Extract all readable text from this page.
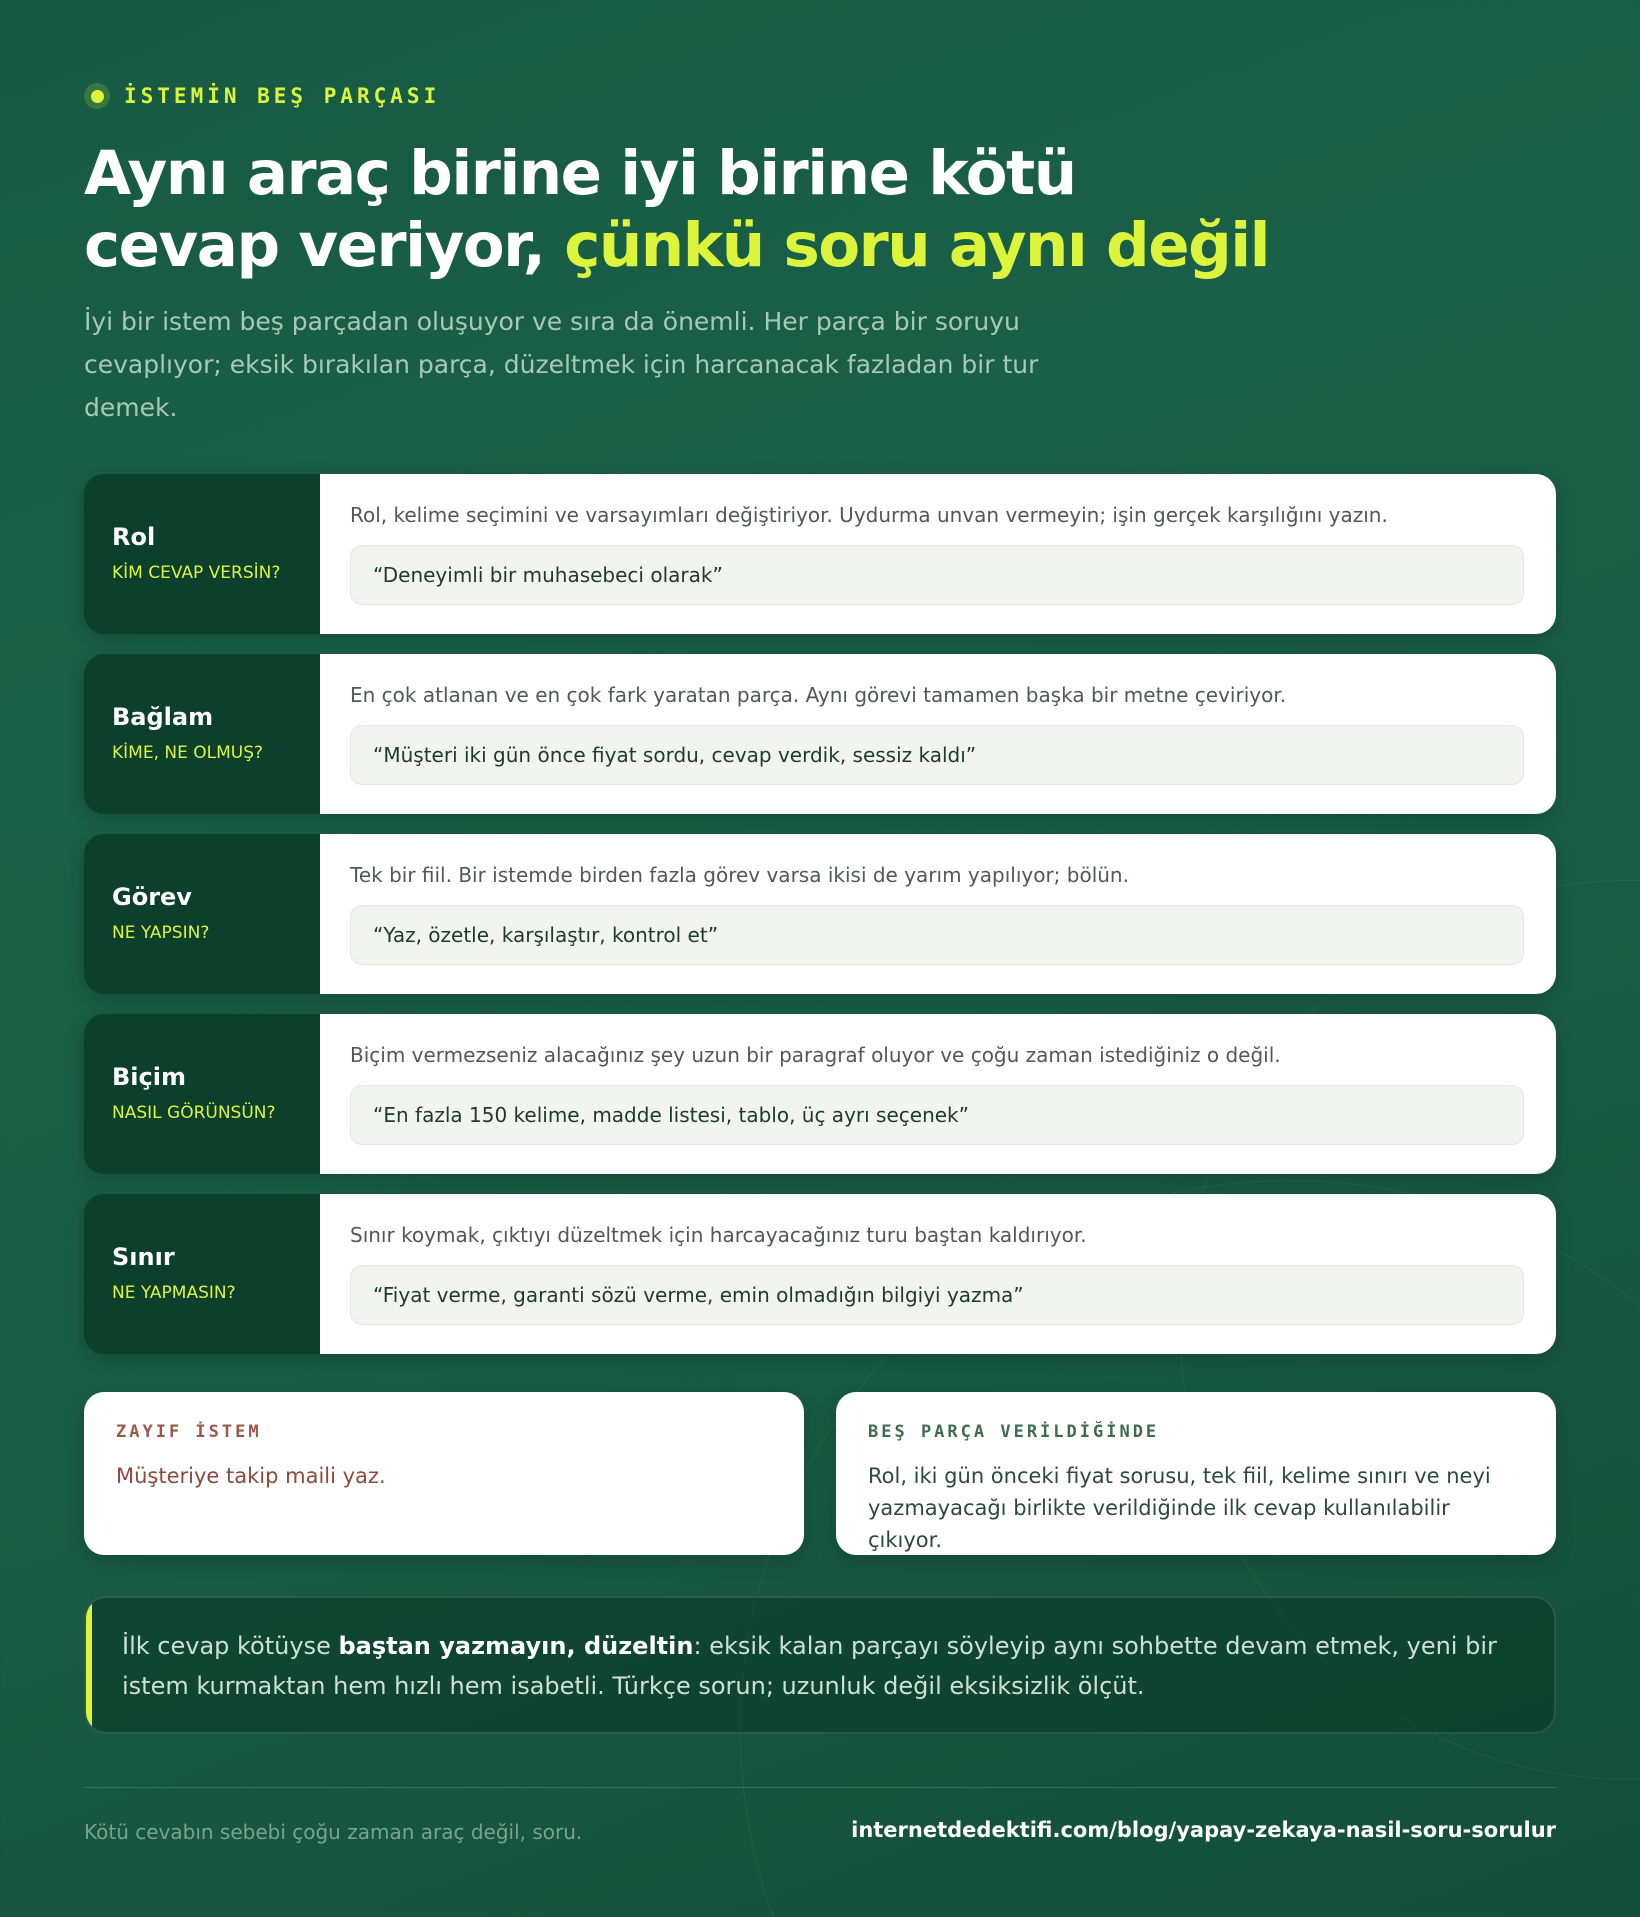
İSTEMİN BEŞ PARÇASI
Aynı araç birine iyi birine kötü
cevap veriyor, çünkü soru aynı değil

İyi bir istem beş parçadan oluşuyor ve sıra da önemli. Her parça bir soruyu cevaplıyor; eksik bırakılan parça, düzeltmek için harcanacak fazladan bir tur demek.

Rol
KİM CEVAP VERSİN?
Rol, kelime seçimini ve varsayımları değiştiriyor. Uydurma unvan vermeyin; işin gerçek karşılığını yazın.
“Deneyimli bir muhasebeci olarak”
Bağlam
KİME, NE OLMUŞ?
En çok atlanan ve en çok fark yaratan parça. Aynı görevi tamamen başka bir metne çeviriyor.
“Müşteri iki gün önce fiyat sordu, cevap verdik, sessiz kaldı”
Görev
NE YAPSIN?
Tek bir fiil. Bir istemde birden fazla görev varsa ikisi de yarım yapılıyor; bölün.
“Yaz, özetle, karşılaştır, kontrol et”
Biçim
NASIL GÖRÜNSÜN?
Biçim vermezseniz alacağınız şey uzun bir paragraf oluyor ve çoğu zaman istediğiniz o değil.
“En fazla 150 kelime, madde listesi, tablo, üç ayrı seçenek”
Sınır
NE YAPMASIN?
Sınır koymak, çıktıyı düzeltmek için harcayacağınız turu baştan kaldırıyor.
“Fiyat verme, garanti sözü verme, emin olmadığın bilgiyi yazma”
ZAYIF İSTEM
Müşteriye takip maili yaz.
BEŞ PARÇA VERİLDİĞİNDE
Rol, iki gün önceki fiyat sorusu, tek fiil, kelime sınırı ve neyi yazmayacağı birlikte verildiğinde ilk cevap kullanılabilir çıkıyor.

İlk cevap kötüyse baştan yazmayın, düzeltin: eksik kalan parçayı söyleyip aynı sohbette devam etmek, yeni bir istem kurmaktan hem hızlı hem isabetli. Türkçe sorun; uzunluk değil eksiksizlik ölçüt.

Kötü cevabın sebebi çoğu zaman araç değil, soru.	internetdedektifi.com/blog/yapay-zekaya-nasil-soru-sorulur
